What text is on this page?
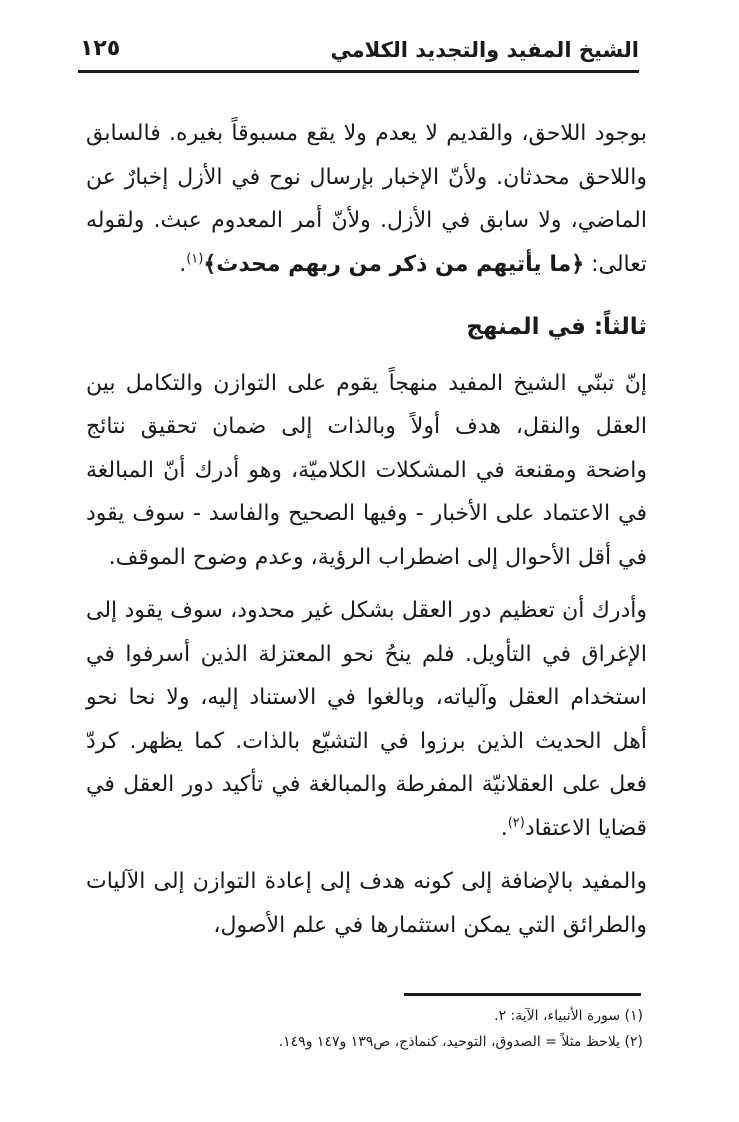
الشيخ المفيد والتجديد الكلامي
١٢٥

بوجود اللاحق، والقديم لا يعدم ولا يقع مسبوقاً بغيره. فالسابق واللاحق محدثان. ولأنّ الإخبار بإرسال نوح في الأزل إخبارٌ عن الماضي، ولا سابق في الأزل. ولأنّ أمر المعدوم عبث. ولقوله تعالى: ﴿ما يأتيهم من ذكر من ربهم محدث﴾$^{(١)}$.

ثالثاً: في المنهج

إنّ تبنّي الشيخ المفيد منهجاً يقوم على التوازن والتكامل بين العقل والنقل، هدف أولاً وبالذات إلى ضمان تحقيق نتائج واضحة ومقنعة في المشكلات الكلاميّة، وهو أدرك أنّ المبالغة في الاعتماد على الأخبار - وفيها الصحيح والفاسد - سوف يقود في أقل الأحوال إلى اضطراب الرؤية، وعدم وضوح الموقف.

وأدرك أن تعظيم دور العقل بشكل غير محدود، سوف يقود إلى الإغراق في التأويل. فلم ينحُ نحو المعتزلة الذين أسرفوا في استخدام العقل وآلياته، وبالغوا في الاستناد إليه، ولا نحا نحو أهل الحديث الذين برزوا في التشيّع بالذات. كما يظهر. كردّ فعل على العقلانيّة المفرطة والمبالغة في تأكيد دور العقل في قضايا الاعتقاد$^{(٢)}$.

والمفيد بالإضافة إلى كونه هدف إلى إعادة التوازن إلى الآليات والطرائق التي يمكن استثمارها في علم الأصول،

(١) سورة الأنبياء، الآية: ٢.

(٢) يلاحظ مثلاً = الصدوق، التوحيد، كنماذج، ص١٣٩ و١٤٧ و١٤٩.
